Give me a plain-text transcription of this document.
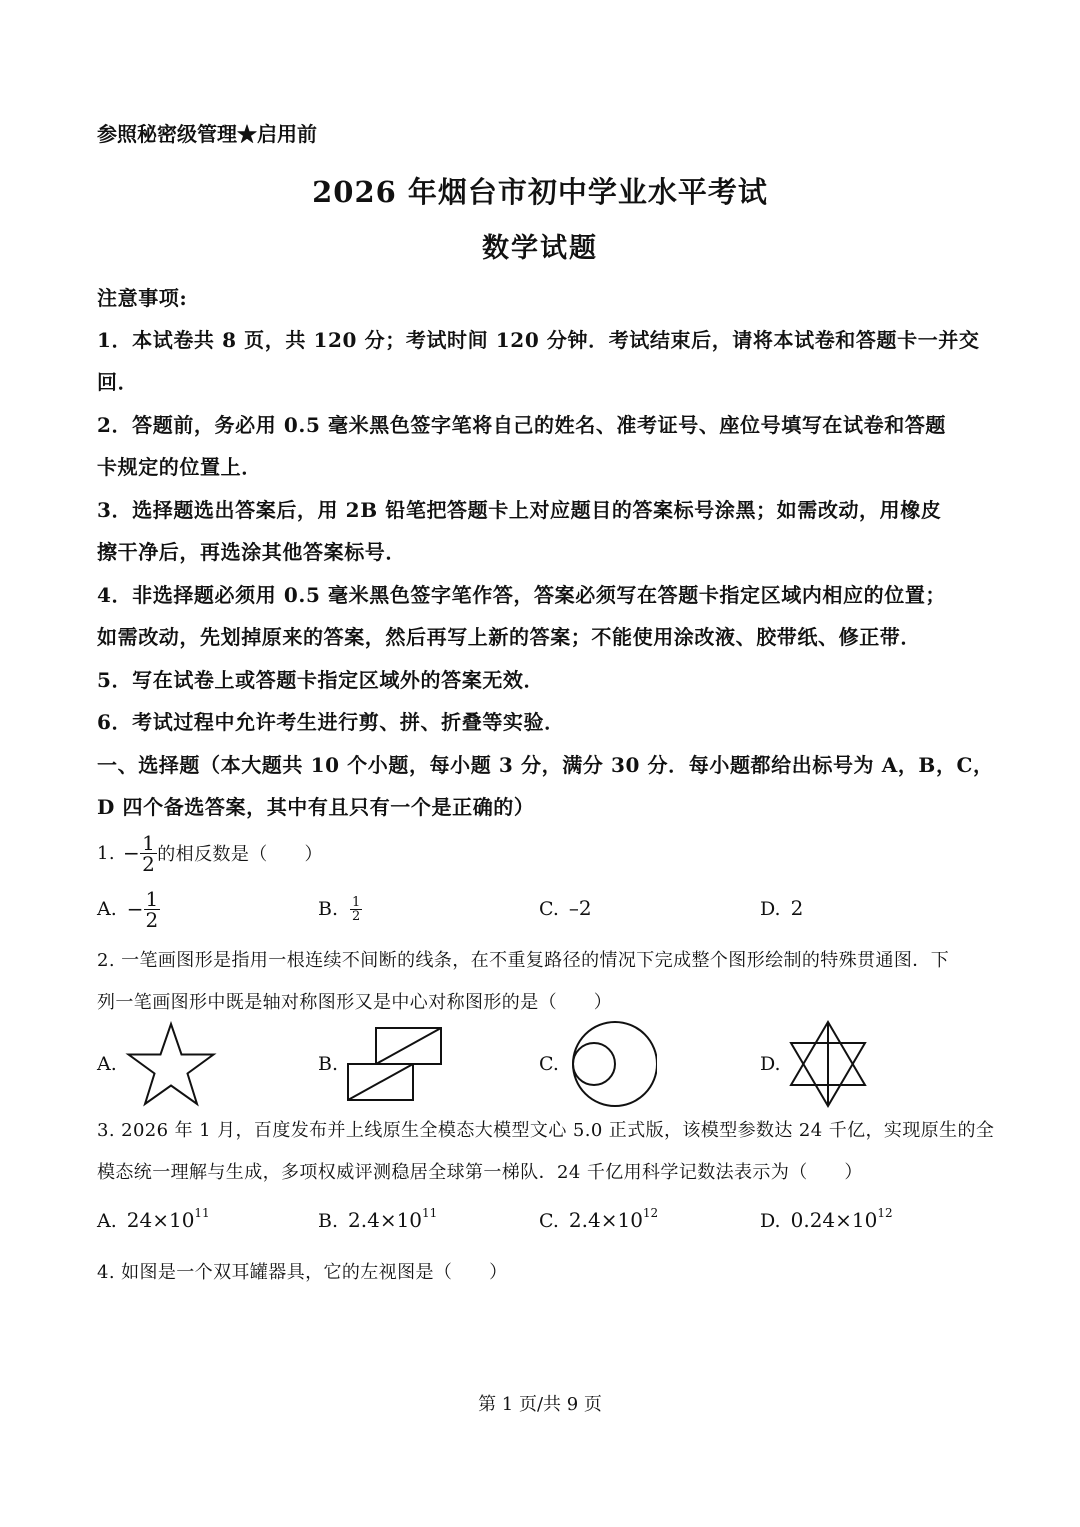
参照秘密级管理★启用前
2026 年烟台市初中学业水平考试
数学试题
注意事项:
1．本试卷共 8 页，共 120 分；考试时间 120 分钟．考试结束后，请将本试卷和答题卡一并交
回．
2．答题前，务必用 0.5 毫米黑色签字笔将自己的姓名、准考证号、座位号填写在试卷和答题
卡规定的位置上．
3．选择题选出答案后，用 2B 铅笔把答题卡上对应题目的答案标号涂黑；如需改动，用橡皮
擦干净后，再选涂其他答案标号．
4．非选择题必须用 0.5 毫米黑色签字笔作答，答案必须写在答题卡指定区域内相应的位置；
如需改动，先划掉原来的答案，然后再写上新的答案；不能使用涂改液、胶带纸、修正带．
5．写在试卷上或答题卡指定区域外的答案无效．
6．考试过程中允许考生进行剪、拼、折叠等实验．
一、选择题（本大题共 10 个小题，每小题 3 分，满分 30 分．每小题都给出标号为 A，B，C，
D 四个备选答案，其中有且只有一个是正确的）
1. − $\frac{1}{2}$ 的相反数是（　　）
A. − $\frac{1}{2}$	B. $\frac{1}{2}$	C. –2	D. 2
2. 一笔画图形是指用一根连续不间断的线条，在不重复路径的情况下完成整个图形绘制的特殊贯通图．下
列一笔画图形中既是轴对称图形又是中心对称图形的是（　　）
A.	B.	C.	D.
3. 2026 年 1 月，百度发布并上线原生全模态大模型文心 5.0 正式版，该模型参数达 24 千亿，实现原生的全
模态统一理解与生成，多项权威评测稳居全球第一梯队．24 千亿用科学记数法表示为（　　）
A. $24\times 10^{11}$	B. $2.4\times 10^{11}$	C. $2.4\times 10^{12}$	D. $0.24\times 10^{12}$
4. 如图是一个双耳罐器具，它的左视图是（　　）
第 1 页/共 9 页
